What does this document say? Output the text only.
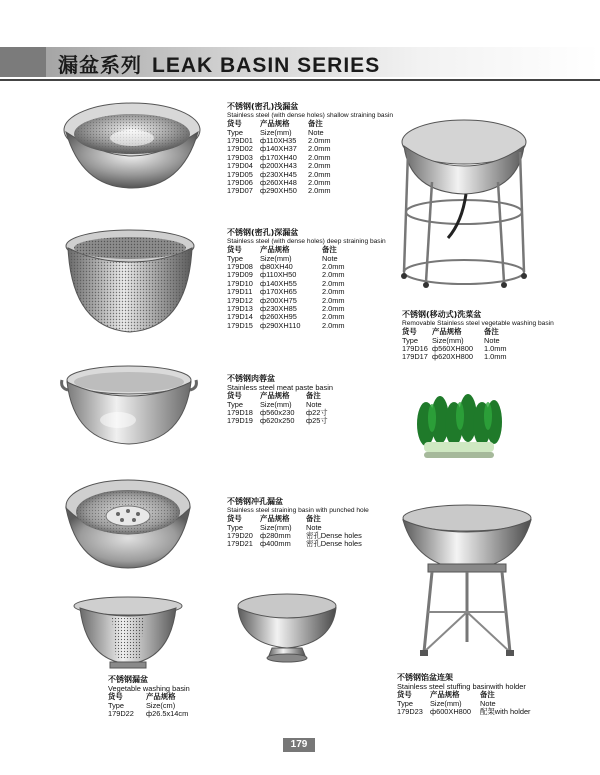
漏盆系列 LEAK BASIN SERIES
不锈钢(密孔)浅漏盆
Stainless steel (with dense holes) shallow straining basin
货号	产品规格	备注
Type	Size(mm)	Note
179D01	ф110XH35	2.0mm
179D02	ф140XH37	2.0mm
179D03	ф170XH40	2.0mm
179D04	ф200XH43	2.0mm
179D05	ф230XH45	2.0mm
179D06	ф260XH48	2.0mm
179D07	ф290XH50	2.0mm
不锈钢(密孔)深漏盆
Stainless steel (with dense holes) deep straining basin
货号	产品规格	备注
Type	Size(mm)	Note
179D08	ф80XH40	2.0mm
179D09	ф110XH50	2.0mm
179D10	ф140XH55	2.0mm
179D11	ф170XH65	2.0mm
179D12	ф200XH75	2.0mm
179D13	ф230XH85	2.0mm
179D14	ф260XH95	2.0mm
179D15	ф290XH110	2.0mm
不锈钢肉蓉盆
Stainless steel meat paste basin
货号	产品规格	备注
Type	Size(mm)	Note
179D18	ф560x230	ф22寸
179D19	ф620x250	ф25寸
不锈钢冲孔漏盆
Stainless steel straining basin with punched hole
货号	产品规格	备注
Type	Size(mm)	Note
179D20	ф280mm	密孔Dense holes
179D21	ф400mm	密孔Dense holes
不锈钢(移动式)洗菜盆
Removable Stainless steel vegetable washing basin
货号	产品规格	备注
Type	Size(mm)	Note
179D16	ф560XH800	1.0mm
179D17	ф620XH800	1.0mm
不锈钢漏盆
Vegetable washing basin
货号	产品规格
Type	Size(cm)
179D22	ф26.5x14cm
不锈钢馅盆连架
Stainless steel stuffing basinwith holder
货号	产品规格	备注
Type	Size(mm)	Note
179D23	ф600XH800	配架with holder
179
